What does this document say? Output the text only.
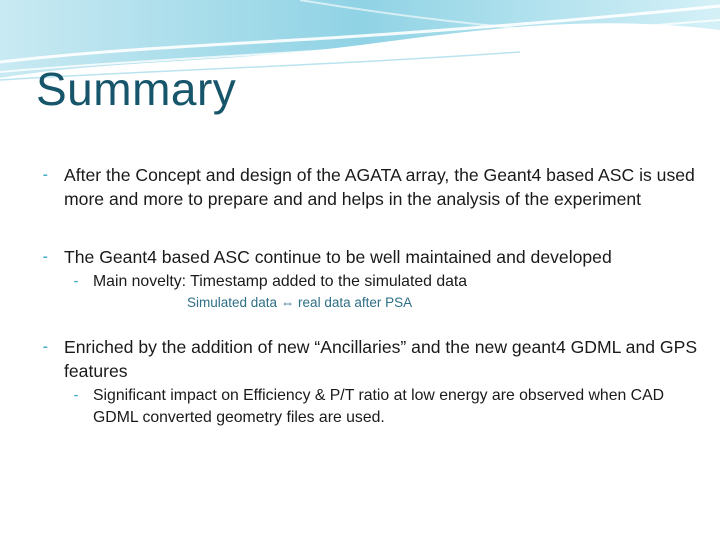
Summary
⁃ After the Concept and design of the AGATA array, the Geant4 based ASC is used more and more to prepare and and helps in the analysis of the experiment
⁃ The Geant4 based ASC continue to be well maintained and developed
⁃ Main novelty: Timestamp added to the simulated data
Simulated data ⇔ real data after PSA
⁃ Enriched by the addition of new “Ancillaries” and the new geant4 GDML and GPS features
⁃ Significant impact on Efficiency & P/T ratio at low energy are observed when CAD GDML converted geometry files are used.
